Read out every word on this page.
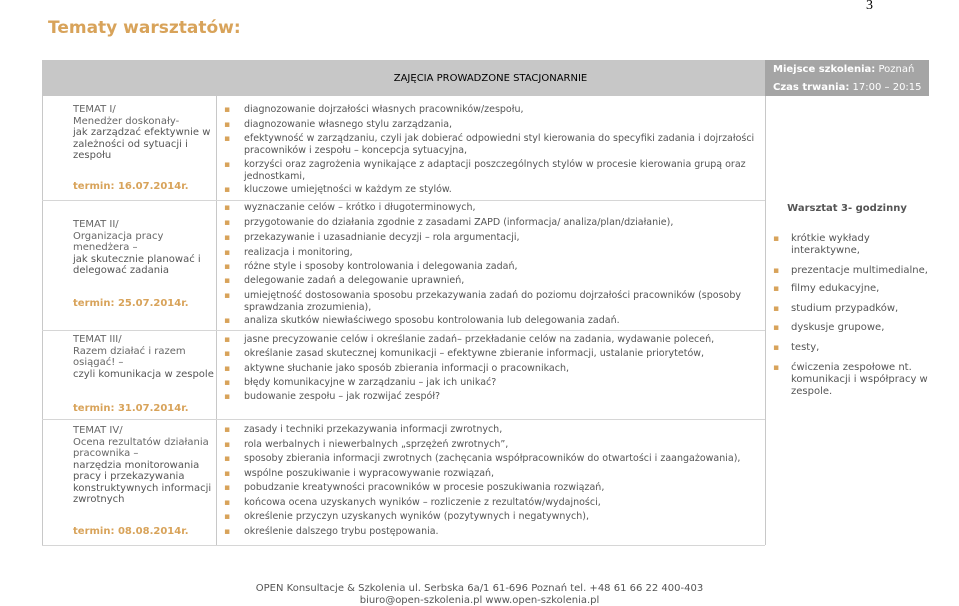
3
Tematy warsztatów:
ZAJĘCIA PROWADZONE STACJONARNIE
Miejsce szkolenia: Poznań
Czas trwania: 17:00 – 20:15
TEMAT I/
Menedżer doskonały-
jak zarządzać efektywnie w zależności od sytuacji i zespołu
termin: 16.07.2014r.
▪ diagnozowanie dojrzałości własnych pracowników/zespołu,
▪ diagnozowanie własnego stylu zarządzania,
▪ efektywność w zarządzaniu, czyli jak dobierać odpowiedni styl kierowania do specyfiki zadania i dojrzałości pracowników i zespołu – koncepcja sytuacyjna,
▪ korzyści oraz zagrożenia wynikające z adaptacji poszczególnych stylów w procesie kierowania grupą oraz jednostkami,
▪ kluczowe umiejętności w każdym ze stylów.
TEMAT II/
Organizacja pracy menedżera –
jak skutecznie planować i delegować zadania
termin: 25.07.2014r.
▪ wyznaczanie celów – krótko i długoterminowych,
▪ przygotowanie do działania zgodnie z zasadami ZAPD (informacja/ analiza/plan/działanie),
▪ przekazywanie i uzasadnianie decyzji – rola argumentacji,
▪ realizacja i monitoring,
▪ różne style i sposoby kontrolowania i delegowania zadań,
▪ delegowanie zadań a delegowanie uprawnień,
▪ umiejętność dostosowania sposobu przekazywania zadań do poziomu dojrzałości pracowników (sposoby sprawdzania zrozumienia),
▪ analiza skutków niewłaściwego sposobu kontrolowania lub delegowania zadań.
TEMAT III/
Razem działać i razem osiągać! –
czyli komunikacja w zespole
termin: 31.07.2014r.
▪ jasne precyzowanie celów i określanie zadań– przekładanie celów na zadania, wydawanie poleceń,
▪ określanie zasad skutecznej komunikacji – efektywne zbieranie informacji, ustalanie priorytetów,
▪ aktywne słuchanie jako sposób zbierania informacji o pracownikach,
▪ błędy komunikacyjne w zarządzaniu – jak ich unikać?
▪ budowanie zespołu – jak rozwijać zespół?
TEMAT IV/
Ocena rezultatów działania pracownika –
narzędzia monitorowania pracy i przekazywania konstruktywnych informacji zwrotnych
termin: 08.08.2014r.
▪ zasady i techniki przekazywania informacji zwrotnych,
▪ rola werbalnych i niewerbalnych „sprzężeń zwrotnych”,
▪ sposoby zbierania informacji zwrotnych (zachęcania współpracowników do otwartości i zaangażowania),
▪ wspólne poszukiwanie i wypracowywanie rozwiązań,
▪ pobudzanie kreatywności pracowników w procesie poszukiwania rozwiązań,
▪ końcowa ocena uzyskanych wyników – rozliczenie z rezultatów/wydajności,
▪ określenie przyczyn uzyskanych wyników (pozytywnych i negatywnych),
▪ określenie dalszego trybu postępowania.
Warsztat 3- godzinny
▪ krótkie wykłady interaktywne,
▪ prezentacje multimedialne,
▪ filmy edukacyjne,
▪ studium przypadków,
▪ dyskusje grupowe,
▪ testy,
▪ ćwiczenia zespołowe nt. komunikacji i współpracy w zespole.
OPEN Konsultacje & Szkolenia ul. Serbska 6a/1 61-696 Poznań tel. +48 61 66 22 400-403
biuro@open-szkolenia.pl www.open-szkolenia.pl
